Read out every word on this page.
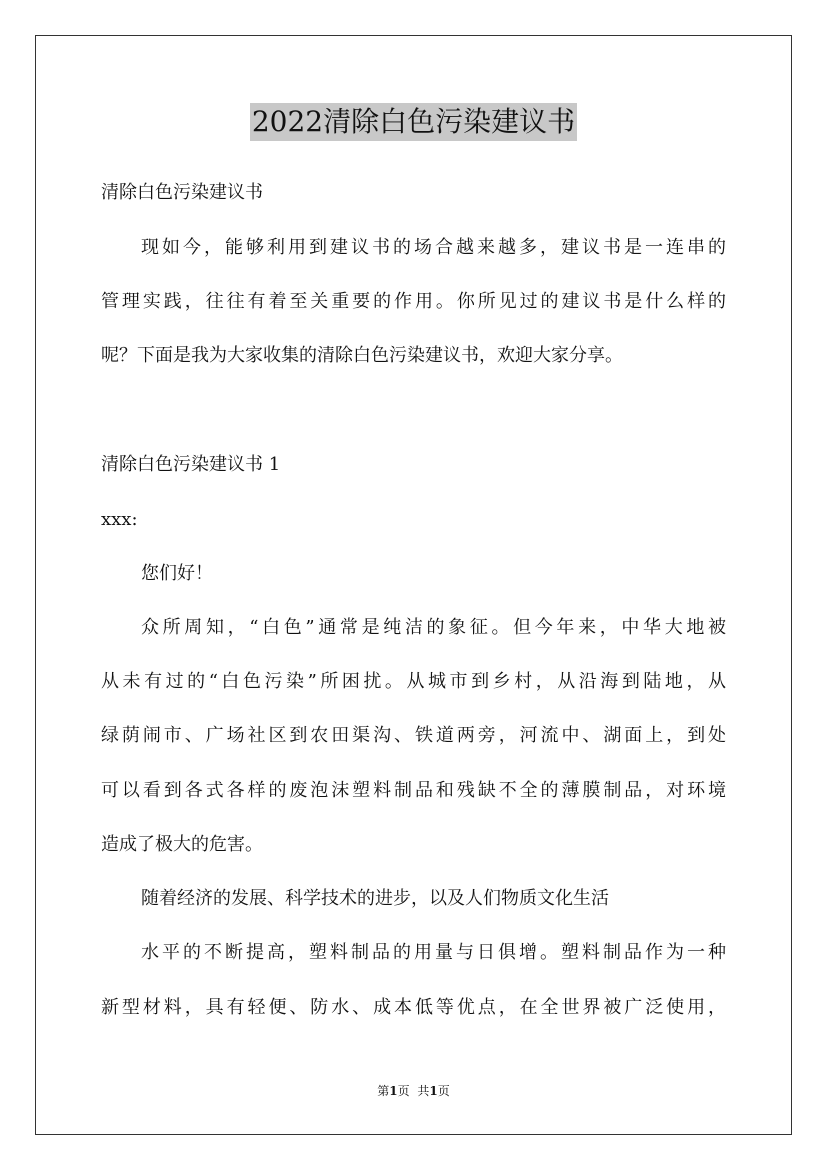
2022清除白色污染建议书
清除白色污染建议书
现如今，能够利用到建议书的场合越来越多，建议书是一连串的
管理实践，往往有着至关重要的作用。你所见过的建议书是什么样的
呢？下面是我为大家收集的清除白色污染建议书，欢迎大家分享。
清除白色污染建议书 1
xxx:
您们好！
众所周知，“白色”通常是纯洁的象征。但今年来，中华大地被
从未有过的“白色污染”所困扰。从城市到乡村，从沿海到陆地，从
绿荫闹市、广场社区到农田渠沟、铁道两旁，河流中、湖面上，到处
可以看到各式各样的废泡沫塑料制品和残缺不全的薄膜制品，对环境
造成了极大的危害。
随着经济的发展、科学技术的进步，以及人们物质文化生活
水平的不断提高，塑料制品的用量与日俱增。塑料制品作为一种
新型材料，具有轻便、防水、成本低等优点，在全世界被广泛使用，
第1页 共1页
